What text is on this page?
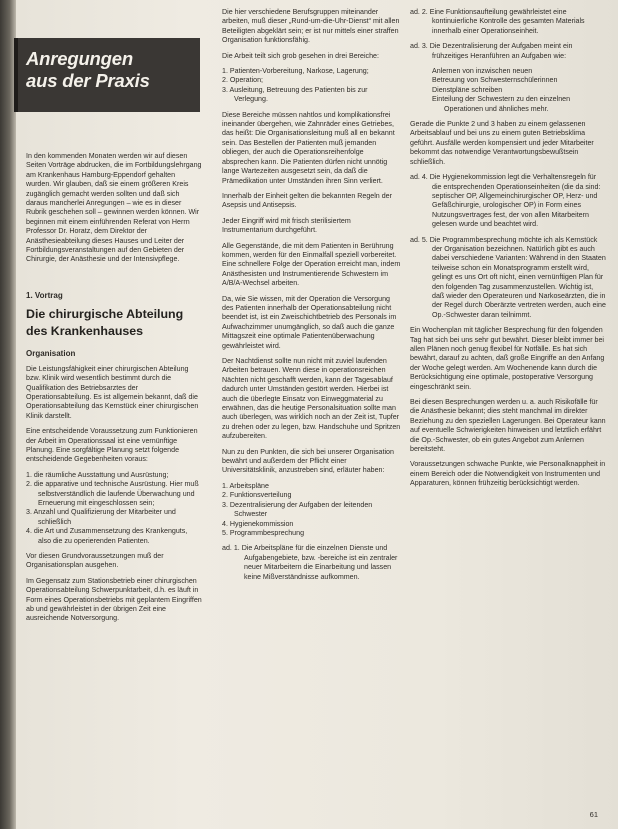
Anregungen
aus der Praxis

In den kommenden Monaten werden wir auf diesen Seiten Vorträge abdrucken, die im Fortbildungslehrgang am Krankenhaus Hamburg-Eppendorf gehalten wurden. Wir glauben, daß sie einem größeren Kreis zugänglich gemacht werden sollten und daß sich daraus mancherlei Anregungen – wie es in dieser Rubrik geschehen soll – gewinnen werden können. Wir beginnen mit einem einführenden Referat von Herrn Professor Dr. Horatz, dem Direktor der Anästhesieabteilung dieses Hauses und Leiter der Fortbildungsveranstaltungen auf den Gebieten der Chirurgie, der Anästhesie und der Intensivpflege.

1. Vortrag
Die chirurgische Abteilung
des Krankenhauses
Organisation

Die Leistungsfähigkeit einer chirurgischen Abteilung bzw. Klinik wird wesentlich bestimmt durch die Qualifikation des Betriebsarztes der Operationsabteilung. Es ist allgemein bekannt, daß die Operationsabteilung das Kernstück einer chirurgischen Klinik darstellt.

Eine entscheidende Voraussetzung zum Funktionieren der Arbeit im Operationssaal ist eine vernünftige Planung. Eine sorgfältige Planung setzt folgende entscheidende Gegebenheiten voraus:

1. die räumliche Ausstattung und Ausrüstung;
2. die apparative und technische Ausrüstung. Hier muß selbstverständlich die laufende Überwachung und Erneuerung mit eingeschlossen sein;
3. Anzahl und Qualifizierung der Mitarbeiter und schließlich
4. die Art und Zusammensetzung des Krankenguts, also die zu operierenden Patienten.

Vor diesen Grundvoraussetzungen muß der Organisationsplan ausgehen.

Im Gegensatz zum Stationsbetrieb einer chirurgischen Operationsabteilung Schwerpunktarbeit, d.h. es läuft in Form eines Operationsbetriebs mit geplantem Eingriffen ab und gewährleistet in der übrigen Zeit eine ausreichende Notversorgung.

Die hier verschiedene Berufsgruppen miteinander arbeiten, muß dieser „Rund-um-die-Uhr-Dienst“ mit allen Beteiligten abgeklärt sein; er ist nur mittels einer straffen Organisation funktionsfähig.

Die Arbeit teilt sich grob gesehen in drei Bereiche:

1. Patienten-Vorbereitung, Narkose, Lagerung;
2. Operation;
3. Ausleitung, Betreuung des Patienten bis zur Verlegung.

Diese Bereiche müssen nahtlos und komplikationsfrei ineinander übergehen, wie Zahnräder eines Getriebes, das heißt: Die Organisationsleitung muß all en bekannt sein. Das Bestellen der Patienten muß jemanden obliegen, der auch die Operationsreihenfolge absprechen kann. Die Patienten dürfen nicht unnötig lange Wartezeiten ausgesetzt sein, da daß die Prämedikation unter Umständen ihren Sinn verliert.

Innerhalb der Einheit gelten die bekannten Regeln der Asepsis und Antisepsis.

Jeder Eingriff wird mit frisch sterilisiertem Instrumentarium durchgeführt.

Alle Gegenstände, die mit dem Patienten in Berührung kommen, werden für den Einmalfall speziell vorbereitet. Eine schnellere Folge der Operation erreicht man, indem Anästhesisten und Instrumentierende Schwestern im A/B/A-Wechsel arbeiten.

Da, wie Sie wissen, mit der Operation die Versorgung des Patienten innerhalb der Operationsabteilung nicht beendet ist, ist ein Zweischichtbetrieb des Personals im Aufwachzimmer unumgänglich, so daß auch die ganze Mittagszeit eine optimale Patientenüberwachung gewährleistet wird.

Der Nachtdienst sollte nun nicht mit zuviel laufenden Arbeiten betrauen. Wenn diese in operationsreichen Nächten nicht geschafft werden, kann der Tagesablauf dadurch unter Umständen gestört werden. Hierbei ist auch die überlegte Einsatz von Einweggmaterial zu erwähnen, das die heutige Personalsituation sollte man auch überlegen, was wirklich noch an der Zeit ist, Tupfer zu drehen oder zu legen, bzw. Handschuhe und Spritzen aufzubereiten.

Nun zu den Punkten, die sich bei unserer Organisation bewährt und außerdem der Pflicht einer Universitätsklinik, anzustreben sind, erläuter haben:

1. Arbeitspläne
2. Funktionsverteilung
3. Dezentralisierung der Aufgaben der leitenden Schwester
4. Hygienekommission
5. Programmbesprechung

ad. 1. Die Arbeitspläne für die einzelnen Dienste und Aufgabengebiete, bzw. -bereiche ist ein zentraler neuer Mitarbeitern die Einarbeitung und lassen keine Mißverständnisse aufkommen.

ad. 2. Eine Funktionsaufteilung gewährleistet eine kontinuierliche Kontrolle des gesamten Materials innerhalb einer Operationseinheit.

ad. 3. Die Dezentralisierung der Aufgaben meint ein frühzeitiges Heranführen an Aufgaben wie:

Anlernen von inzwischen neuen
Betreuung von Schwesternschülerinnen
Dienstpläne schreiben
Einteilung der Schwestern zu den einzelnen Operationen und ähnliches mehr.

Gerade die Punkte 2 und 3 haben zu einem gelassenen Arbeitsablauf und bei uns zu einem guten Betriebsklima geführt. Ausfälle werden kompensiert und jeder Mitarbeiter bekommt das notwendige Verantwortungsbewußtsein schließlich.

ad. 4. Die Hygienekommission legt die Verhaltensregeln für die entsprechenden Operationseinheiten (die da sind: septischer OP, Allgemeinchirurgischer OP, Herz- und Gefäßchirurgie, urologischer OP) in Form eines Nutzungsvertrages fest, der von allen Mitarbeitern gelesen wurde und beachtet wird.

ad. 5. Die Programmbesprechung möchte ich als Kernstück der Organisation bezeichnen. Natürlich gibt es auch dabei verschiedene Varianten: Während in den Staaten teilweise schon ein Monatsprogramm erstellt wird, gelingt es uns Ort oft nicht, einen vernünftigen Plan für den folgenden Tag zusammenzustellen. Wichtig ist, daß wieder den Operateuren und Narkoseärzten, die in der Regel durch Oberärzte vertreten werden, auch eine Op.-Schwester daran teilnimmt.

Ein Wochenplan mit täglicher Besprechung für den folgenden Tag hat sich bei uns sehr gut bewährt. Dieser bleibt immer bei allen Plänen noch genug flexibel für Notfälle. Es hat sich bewährt, darauf zu achten, daß große Eingriffe an den Anfang der Woche gelegt werden. Am Wochenende kann durch die Berücksichtigung eine optimale, postoperative Versorgung eingeschränkt sein.

Bei diesen Besprechungen werden u. a. auch Risikofälle für die Anästhesie bekannt; dies steht manchmal im direkter Beziehung zu den speziellen Lagerungen. Bei Operateur kann auf eventuelle Schwierigkeiten hinweisen und letztlich erfährt die Op.-Schwester, ob ein gutes Angebot zum Anlernen bereitsteht.

Voraussetzungen schwache Punkte, wie Personalknappheit in einem Bereich oder die Notwendigkeit von Instrumenten und Apparaturen, können frühzeitig berücksichtigt werden.

61
